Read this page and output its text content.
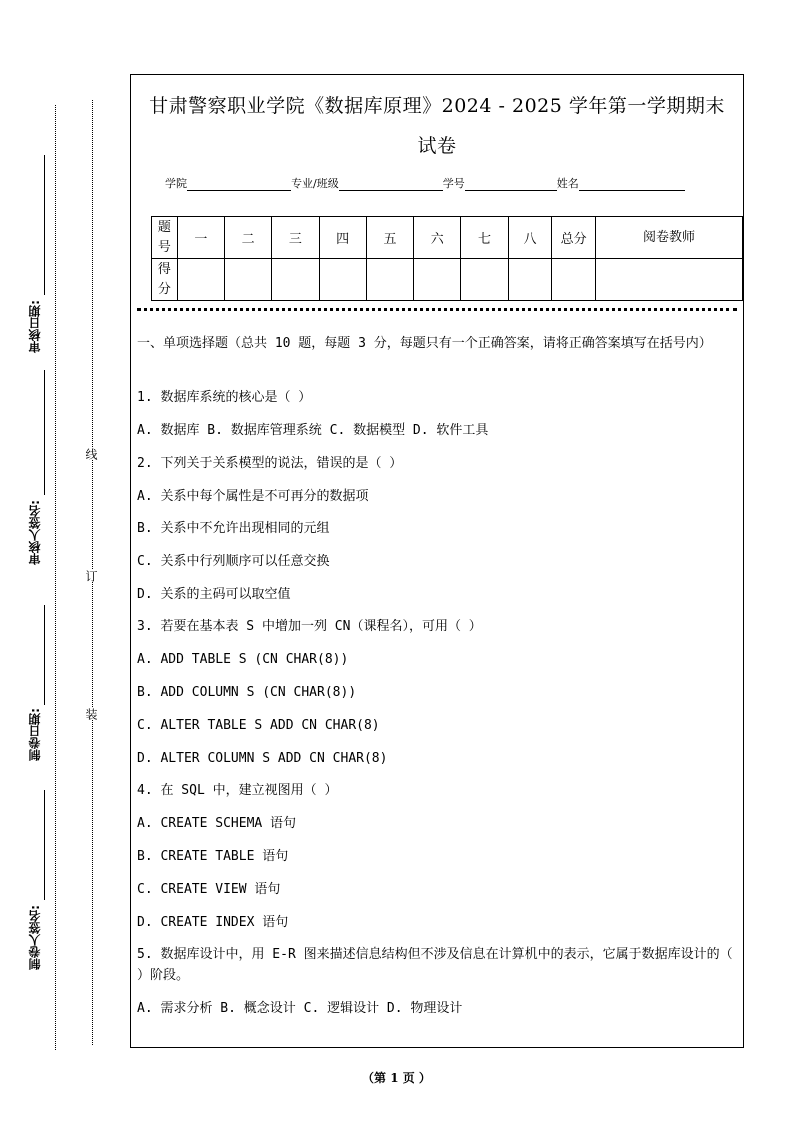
审核日期:
审核人签名:
制卷日期:
制卷人签名:
线
订
装
甘肃警察职业学院《数据库原理》2024 - 2025 学年第一学期期末
试卷
学院	专业/班级	学号	姓名
题号	一	二	三	四	五	六	七	八	总分	阅卷教师
得分										
一、单项选择题（总共 10 题，每题 3 分，每题只有一个正确答案，请将正确答案填写在括号内）
1. 数据库系统的核心是（ ）
A. 数据库 B. 数据库管理系统 C. 数据模型 D. 软件工具
2. 下列关于关系模型的说法，错误的是（ ）
A. 关系中每个属性是不可再分的数据项
B. 关系中不允许出现相同的元组
C. 关系中行列顺序可以任意交换
D. 关系的主码可以取空值
3. 若要在基本表 S 中增加一列 CN（课程名），可用（ ）
A. ADD TABLE S (CN CHAR(8))
B. ADD COLUMN S (CN CHAR(8))
C. ALTER TABLE S ADD CN CHAR(8)
D. ALTER COLUMN S ADD CN CHAR(8)
4. 在 SQL 中，建立视图用（ ）
A. CREATE SCHEMA 语句
B. CREATE TABLE 语句
C. CREATE VIEW 语句
D. CREATE INDEX 语句
5. 数据库设计中，用 E-R 图来描述信息结构但不涉及信息在计算机中的表示，它属于数据库设计的（ ）阶段。
A. 需求分析 B. 概念设计 C. 逻辑设计 D. 物理设计
（第 1 页 ）
